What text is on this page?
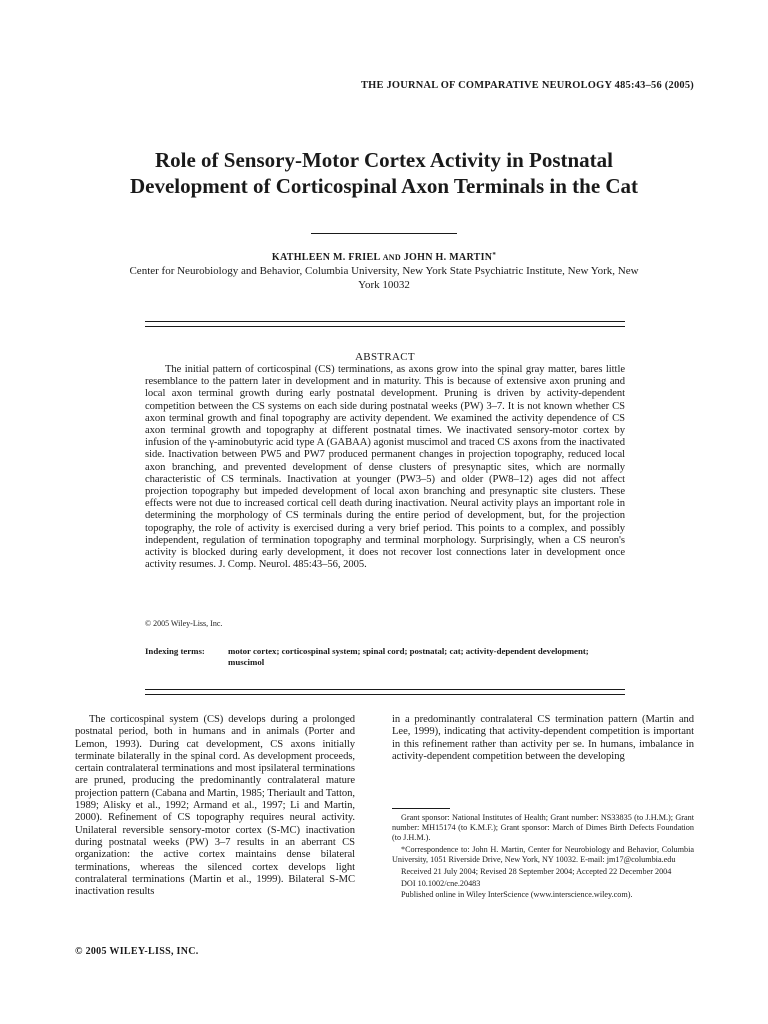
THE JOURNAL OF COMPARATIVE NEUROLOGY 485:43–56 (2005)
Role of Sensory-Motor Cortex Activity in Postnatal Development of Corticospinal Axon Terminals in the Cat
KATHLEEN M. FRIEL AND JOHN H. MARTIN*
Center for Neurobiology and Behavior, Columbia University, New York State Psychiatric Institute, New York, New York 10032
ABSTRACT

The initial pattern of corticospinal (CS) terminations, as axons grow into the spinal gray matter, bares little resemblance to the pattern later in development and in maturity. This is because of extensive axon pruning and local axon terminal growth during early postnatal development. Pruning is driven by activity-dependent competition between the CS systems on each side during postnatal weeks (PW) 3–7. It is not known whether CS axon terminal growth and final topography are activity dependent. We examined the activity dependence of CS axon terminal growth and topography at different postnatal times. We inactivated sensory-motor cortex by infusion of the γ-aminobutyric acid type A (GABAA) agonist muscimol and traced CS axons from the inactivated side. Inactivation between PW5 and PW7 produced permanent changes in projection topography, reduced local axon branching, and prevented development of dense clusters of presynaptic sites, which are normally characteristic of CS terminals. Inactivation at younger (PW3–5) and older (PW8–12) ages did not affect projection topography but impeded development of local axon branching and presynaptic site clusters. These effects were not due to increased cortical cell death during inactivation. Neural activity plays an important role in determining the morphology of CS terminals during the entire period of development, but, for the projection topography, the role of activity is exercised during a very brief period. This points to a complex, and possibly independent, regulation of termination topography and terminal morphology. Surprisingly, when a CS neuron's activity is blocked during early development, it does not recover lost connections later in development once activity resumes. J. Comp. Neurol. 485:43–56, 2005.

© 2005 Wiley-Liss, Inc.
Indexing terms:	motor cortex; corticospinal system; spinal cord; postnatal; cat; activity-dependent development; muscimol

The corticospinal system (CS) develops during a prolonged postnatal period, both in humans and in animals (Porter and Lemon, 1993). During cat development, CS axons initially terminate bilaterally in the spinal cord. As development proceeds, certain contralateral terminations and most ipsilateral terminations are pruned, producing the predominantly contralateral mature projection pattern (Cabana and Martin, 1985; Theriault and Tatton, 1989; Alisky et al., 1992; Armand et al., 1997; Li and Martin, 2000). Refinement of CS topography requires neural activity. Unilateral reversible sensory-motor cortex (S-MC) inactivation during postnatal weeks (PW) 3–7 results in an aberrant CS organization: the active cortex maintains dense bilateral terminations, whereas the silenced cortex develops light contralateral terminations (Martin et al., 1999). Bilateral S-MC inactivation results

in a predominantly contralateral CS termination pattern (Martin and Lee, 1999), indicating that activity-dependent competition is important in this refinement rather than activity per se. In humans, imbalance in activity-dependent competition between the developing

Grant sponsor: National Institutes of Health; Grant number: NS33835 (to J.H.M.); Grant number: MH15174 (to K.M.F.); Grant sponsor: March of Dimes Birth Defects Foundation (to J.H.M.).

*Correspondence to: John H. Martin, Center for Neurobiology and Behavior, Columbia University, 1051 Riverside Drive, New York, NY 10032. E-mail: jm17@columbia.edu

Received 21 July 2004; Revised 28 September 2004; Accepted 22 December 2004

DOI 10.1002/cne.20483

Published online in Wiley InterScience (www.interscience.wiley.com).

© 2005 WILEY-LISS, INC.
